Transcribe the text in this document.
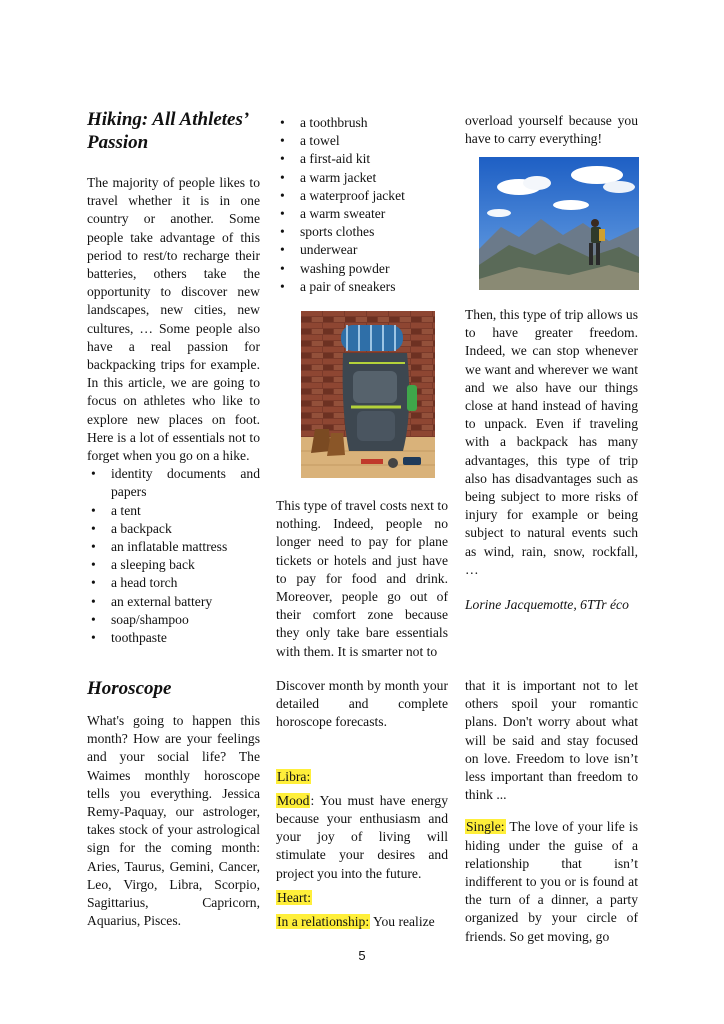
Hiking: All Athletes’ Passion

The majority of people likes to travel whether it is in one country or another. Some people take advantage of this period to rest/to recharge their batteries, others take the opportunity to discover new landscapes, new cities, new cultures, … Some people also have a real passion for backpacking trips for example. In this article, we are going to focus on athletes who like to explore new places on foot. Here is a lot of essentials not to forget when you go on a hike.

• identity documents and papers
• a tent
• a backpack
• an inflatable mattress
• a sleeping back
• a head torch
• an external battery
• soap/shampoo
• toothpaste
• a toothbrush
• a towel
• a first-aid kit
• a warm jacket
• a waterproof jacket
• a warm sweater
• sports clothes
• underwear
• washing powder
• a pair of sneakers

This type of travel costs next to nothing. Indeed, people no longer need to pay for plane tickets or hotels and just have to pay for food and drink. Moreover, people go out of their comfort zone because they only take bare essentials with them. It is smarter not to

overload yourself because you have to carry everything!

Then, this type of trip allows us to have greater freedom. Indeed, we can stop whenever we want and wherever we want and we also have our things close at hand instead of having to unpack. Even if traveling with a backpack has many advantages, this type of trip also has disadvantages such as being subject to more risks of injury for example or being subject to natural events such as wind, rain, snow, rockfall, …

Lorine Jacquemotte, 6TTr éco

Horoscope

What's going to happen this month? How are your feelings and your social life? The Waimes monthly horoscope tells you everything. Jessica Remy-Paquay, our astrologer, takes stock of your astrological sign for the coming month: Aries, Taurus, Gemini, Cancer, Leo, Virgo, Libra, Scorpio, Sagittarius, Capricorn, Aquarius, Pisces.

Discover month by month your detailed and complete horoscope forecasts.

Libra:

Mood: You must have energy because your enthusiasm and your joy of living will stimulate your desires and project you into the future.

Heart:

In a relationship: You realize

that it is important not to let others spoil your romantic plans. Don't worry about what will be said and stay focused on love. Freedom to love isn’t less important than freedom to think ...

Single: The love of your life is hiding under the guise of a relationship that isn’t indifferent to you or is found at the turn of a dinner, a party organized by your circle of friends. So get moving, go

5
